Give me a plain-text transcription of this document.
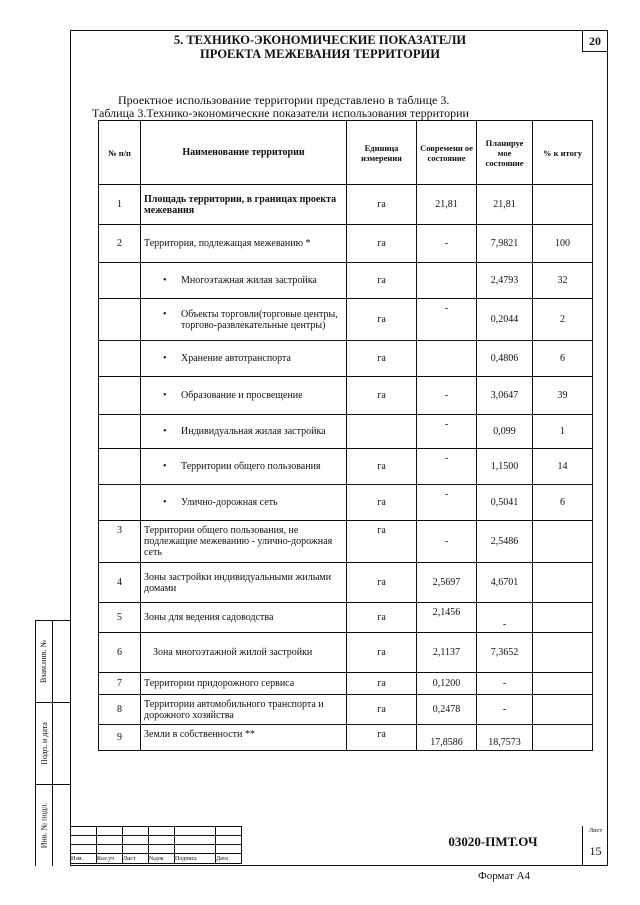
20
5. ТЕХНИКО-ЭКОНОМИЧЕСКИЕ ПОКАЗАТЕЛИ
ПРОЕКТА МЕЖЕВАНИЯ ТЕРРИТОРИИ
Проектное использование территории представлено в таблице 3.
Таблица 3.Технико-экономические показатели использования территории
№ п/п	Наименование территории	Единица измерения	Современн ое состояние	Планируе мое состояние	% к итогу
1	Площадь территории, в границах проекта межевания	га	21,81	21,81	
2	Территория, подлежащая межеванию *	га	-	7,9821	100
	• Многоэтажная жилая застройка	га		2,4793	32
	• Объекты торговли(торговые центры, торгово-развлекательные центры)	га	-	0,2044	2
	• Хранение автотранспорта	га		0,4806	6
	• Образование и просвещение	га	-	3,0647	39
	• Индивидуальная жилая застройка		-	0,099	1
	• Территории общего пользования	га	-	1,1500	14
	• Улично-дорожная сеть	га	-	0,5041	6
3	Территории общего пользования, не подлежащие межеванию - улично-дорожная сеть	га	-	2,5486	
4	Зоны застройки индивидуальными жилыми домами	га	2,5697	4,6701	
5	Зоны для ведения садоводства	га	2,1456	-	
6	Зона многоэтажной жилой застройки	га	2,1137	7,3652	
7	Территории придорожного сервиса	га	0,1200	-	
8	Территории автомобильного транспорта и дорожного хозяйства	га	0,2478	-	
9	Земли в собственности **	га	17,8586	18,7573	
Взам.инв. №
Подп. и дата
Инв. № подл.

Изм.	Кол.уч	Лист	№док	Подпись	Дата
03020-ПМТ.ОЧ
Лист
15
Формат А4
